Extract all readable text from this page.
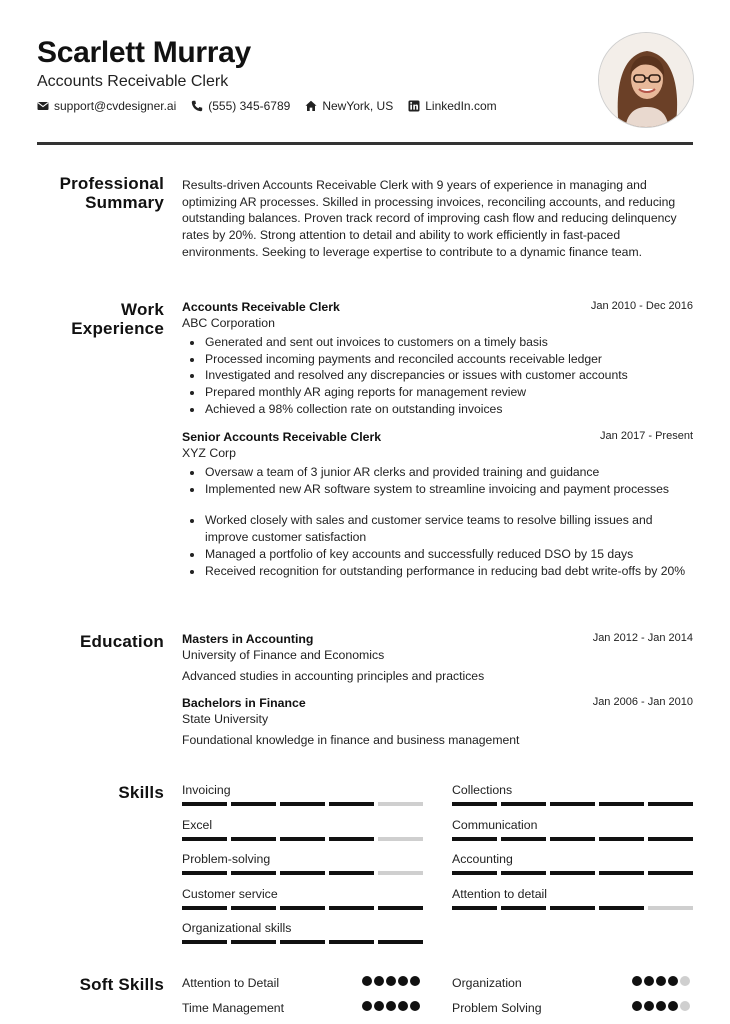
Scarlett Murray
Accounts Receivable Clerk
support@cvdesigner.ai	(555) 345-6789	NewYork, US	LinkedIn.com
Professional
Summary

Results-driven Accounts Receivable Clerk with 9 years of experience in managing and optimizing AR processes. Skilled in processing invoices, reconciling accounts, and reducing outstanding balances. Proven track record of improving cash flow and reducing delinquency rates by 20%. Strong attention to detail and ability to work efficiently in fast-paced environments. Seeking to leverage expertise to contribute to a dynamic finance team.

Work
Experience
Accounts Receivable Clerk	Jan 2010 - Dec 2016
ABC Corporation
Generated and sent out invoices to customers on a timely basis
Processed incoming payments and reconciled accounts receivable ledger
Investigated and resolved any discrepancies or issues with customer accounts
Prepared monthly AR aging reports for management review
Achieved a 98% collection rate on outstanding invoices
Senior Accounts Receivable Clerk	Jan 2017 - Present
XYZ Corp
Oversaw a team of 3 junior AR clerks and provided training and guidance
Implemented new AR software system to streamline invoicing and payment processes
Worked closely with sales and customer service teams to resolve billing issues and improve customer satisfaction
Managed a portfolio of key accounts and successfully reduced DSO by 15 days
Received recognition for outstanding performance in reducing bad debt write-offs by 20%
Education Masters in Accounting	Jan 2012 - Jan 2014
University of Finance and Economics
Advanced studies in accounting principles and practices
Bachelors in Finance	Jan 2006 - Jan 2010
State University
Foundational knowledge in finance and business management
Skills Invoicing	Collections
Excel	Communication
Problem-solving	Accounting
Customer service	Attention to detail
Organizational skills
Soft Skills Attention to Detail	Organization
Time Management	Problem Solving
